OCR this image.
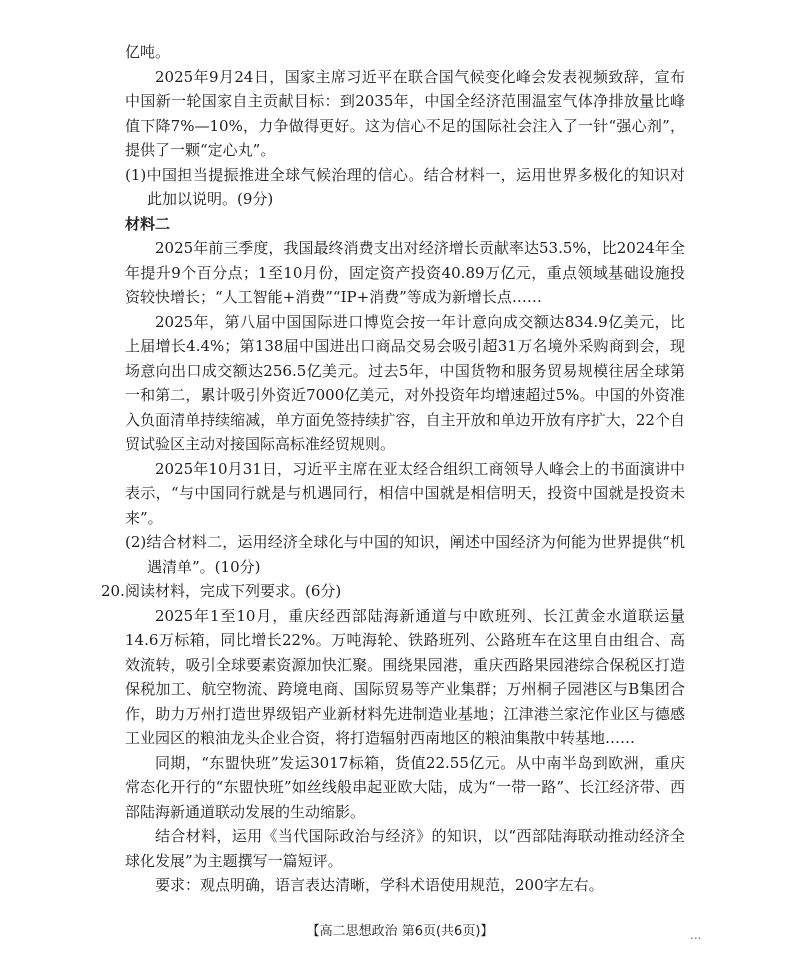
亿吨。

2025年9月24日，国家主席习近平在联合国气候变化峰会发表视频致辞，宣布中国新一轮国家自主贡献目标：到2035年，中国全经济范围温室气体净排放量比峰值下降7%—10%，力争做得更好。这为信心不足的国际社会注入了一针“强心剂”，提供了一颗“定心丸”。

(1)中国担当提振推进全球气候治理的信心。结合材料一，运用世界多极化的知识对此加以说明。(9分)

材料二

2025年前三季度，我国最终消费支出对经济增长贡献率达53.5%，比2024年全年提升9个百分点；1至10月份，固定资产投资40.89万亿元，重点领域基础设施投资较快增长；“人工智能+消费”“IP+消费”等成为新增长点……

2025年，第八届中国国际进口博览会按一年计意向成交额达834.9亿美元，比上届增长4.4%；第138届中国进出口商品交易会吸引超31万名境外采购商到会，现场意向出口成交额达256.5亿美元。过去5年，中国货物和服务贸易规模往居全球第一和第二，累计吸引外资近7000亿美元，对外投资年均增速超过5%。中国的外资准入负面清单持续缩减，单方面免签持续扩容，自主开放和单边开放有序扩大，22个自贸试验区主动对接国际高标准经贸规则。

2025年10月31日，习近平主席在亚太经合组织工商领导人峰会上的书面演讲中表示，“与中国同行就是与机遇同行，相信中国就是相信明天，投资中国就是投资未来”。

(2)结合材料二，运用经济全球化与中国的知识，阐述中国经济为何能为世界提供“机遇清单”。(10分)

20. 阅读材料，完成下列要求。(6分)

2025年1至10月，重庆经西部陆海新通道与中欧班列、长江黄金水道联运量14.6万标箱，同比增长22%。万吨海轮、铁路班列、公路班车在这里自由组合、高效流转，吸引全球要素资源加快汇聚。围绕果园港，重庆西路果园港综合保税区打造保税加工、航空物流、跨境电商、国际贸易等产业集群；万州桐子园港区与B集团合作，助力万州打造世界级铝产业新材料先进制造业基地；江津港兰家沱作业区与德感工业园区的粮油龙头企业合资，将打造辐射西南地区的粮油集散中转基地……

同期，“东盟快班”发运3017标箱，货值22.55亿元。从中南半岛到欧洲，重庆常态化开行的“东盟快班”如丝线般串起亚欧大陆，成为“一带一路”、长江经济带、西部陆海新通道联动发展的生动缩影。

结合材料，运用《当代国际政治与经济》的知识，以“西部陆海联动推动经济全球化发展”为主题撰写一篇短评。

要求：观点明确，语言表达清晰，学科术语使用规范，200字左右。

【高二思想政治 第6页(共6页)】	...
